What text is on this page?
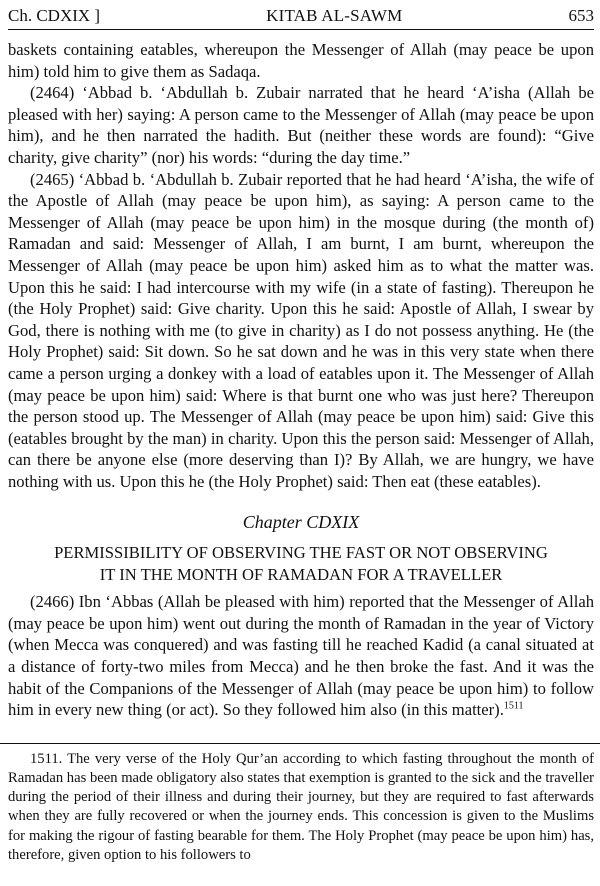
Ch. CDXIX ]	KITAB AL-SAWM	653

baskets containing eatables, whereupon the Messenger of Allah (may peace be upon him) told him to give them as Sadaqa.

(2464) ‘Abbad b. ‘Abdullah b. Zubair narrated that he heard ‘A’isha (Allah be pleased with her) saying: A person came to the Messenger of Allah (may peace be upon him), and he then narrated the hadith. But (neither these words are found): “Give charity, give charity” (nor) his words: “during the day time.”

(2465) ‘Abbad b. ‘Abdullah b. Zubair reported that he had heard ‘A’isha, the wife of the Apostle of Allah (may peace be upon him), as saying: A person came to the Messenger of Allah (may peace be upon him) in the mosque during (the month of) Ramadan and said: Messenger of Allah, I am burnt, I am burnt, whereupon the Messenger of Allah (may peace be upon him) asked him as to what the matter was. Upon this he said: I had intercourse with my wife (in a state of fasting). Thereupon he (the Holy Prophet) said: Give charity. Upon this he said: Apostle of Allah, I swear by God, there is nothing with me (to give in charity) as I do not possess anything. He (the Holy Prophet) said: Sit down. So he sat down and he was in this very state when there came a person urging a donkey with a load of eatables upon it. The Messenger of Allah (may peace be upon him) said: Where is that burnt one who was just here? Thereupon the person stood up. The Messenger of Allah (may peace be upon him) said: Give this (eatables brought by the man) in charity. Upon this the person said: Messenger of Allah, can there be anyone else (more deserving than I)? By Allah, we are hungry, we have nothing with us. Upon this he (the Holy Prophet) said: Then eat (these eatables).

Chapter CDXIX

PERMISSIBILITY OF OBSERVING THE FAST OR NOT OBSERVING
IT IN THE MONTH OF RAMADAN FOR A TRAVELLER

(2466) Ibn ‘Abbas (Allah be pleased with him) reported that the Messenger of Allah (may peace be upon him) went out during the month of Ramadan in the year of Victory (when Mecca was conquered) and was fasting till he reached Kadid (a canal situated at a distance of forty-two miles from Mecca) and he then broke the fast. And it was the habit of the Companions of the Messenger of Allah (may peace be upon him) to follow him in every new thing (or act). So they followed him also (in this matter).$^{1511}$

1511. The very verse of the Holy Qur’an according to which fasting throughout the month of Ramadan has been made obligatory also states that exemption is granted to the sick and the traveller during the period of their illness and during their journey, but they are required to fast afterwards when they are fully recovered or when the journey ends. This concession is given to the Muslims for making the rigour of fasting bearable for them. The Holy Prophet (may peace be upon him) has, therefore, given option to his followers to
